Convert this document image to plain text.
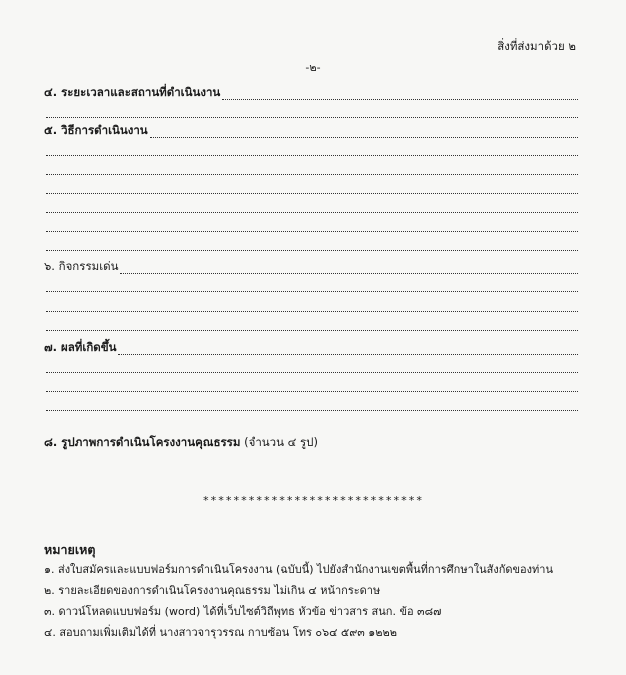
สิ่งที่ส่งมาด้วย ๒
-๒-
๔. ระยะเวลาและสถานที่ดำเนินงาน
๕. วิธีการดำเนินงาน
๖. กิจกรรมเด่น
๗. ผลที่เกิดขึ้น
๘. รูปภาพการดำเนินโครงงานคุณธรรม (จำนวน ๔ รูป)
*****************************
หมายเหตุ
๑. ส่งใบสมัครและแบบฟอร์มการดำเนินโครงงาน (ฉบับนี้) ไปยังสำนักงานเขตพื้นที่การศึกษาในสังกัดของท่าน
๒. รายละเอียดของการดำเนินโครงงานคุณธรรม ไม่เกิน ๔ หน้ากระดาษ
๓. ดาวน์โหลดแบบฟอร์ม (word) ได้ที่เว็บไซต์วิถีพุทธ หัวข้อ ข่าวสาร สนก. ข้อ ๓๘๗
๔. สอบถามเพิ่มเติมได้ที่ นางสาวจารุวรรณ กาบซ้อน โทร ๐๖๔ ๕๙๓ ๑๒๒๒
